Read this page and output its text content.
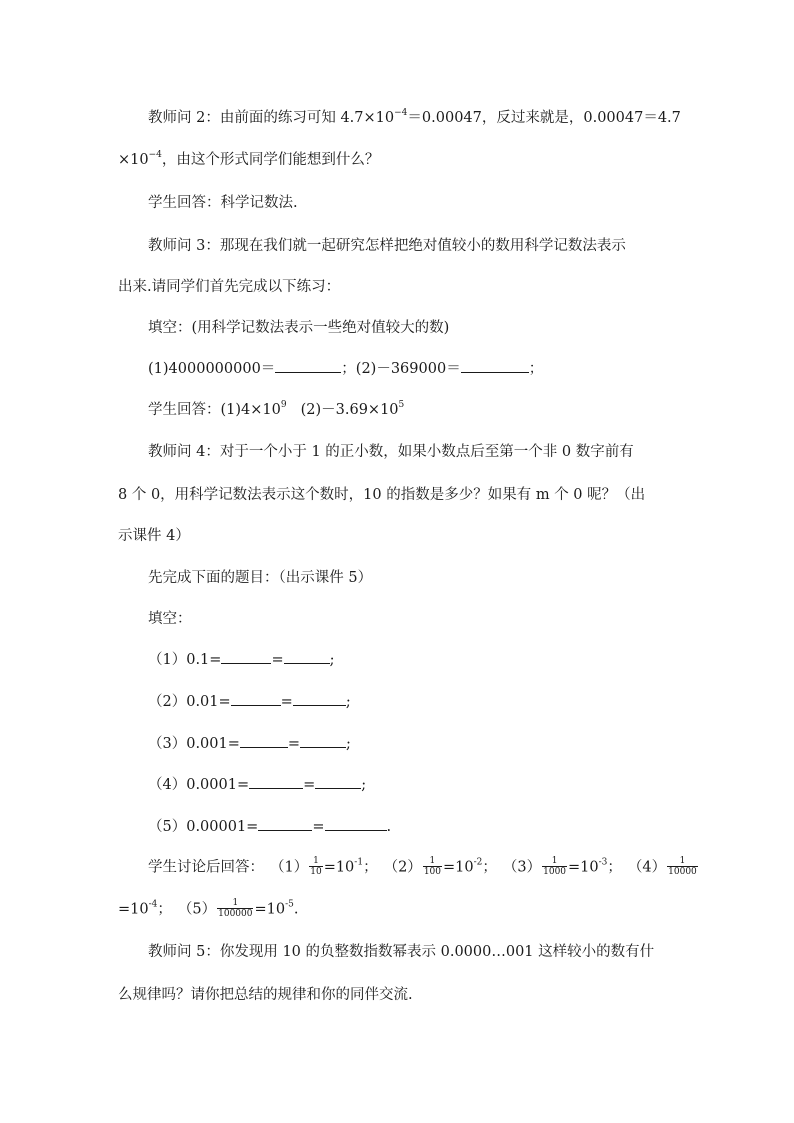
教师问 2：由前面的练习可知 $4.7\times 10^{-4}=0.00047$，反过来就是，0.00047＝4.7
$\times 10^{-4}$，由这个形式同学们能想到什么？
学生回答：科学记数法.
教师问 3：那现在我们就一起研究怎样把绝对值较小的数用科学记数法表示
出来.请同学们首先完成以下练习：
填空：(用科学记数法表示一些绝对值较大的数)
(1)4000000000＝	；(2)－369000＝	；
学生回答：$(1)4\times 10^9$ $(2)-3.69\times 10^5$
教师问 4：对于一个小于 1 的正小数，如果小数点后至第一个非 0 数字前有
8 个 0，用科学记数法表示这个数时，10 的指数是多少？如果有 m 个 0 呢？（出
示课件 4）
先完成下面的题目：（出示课件 5）
填空：
（1）0.1=	=	;
（2）0.01=	=	;
（3）0.001=	=	;
（4）0.0001=	=	;
（5）0.00001=	=	.
学生讨论后回答： $(1) \frac{1}{10} =10^{-1}$； $(2) \frac{1}{100} =10^{-2}$； $(3) \frac{1}{1000} =10^{-3}$； $(4) \frac{1}{10000}$
$=10^{-4}$； $(5) \frac{1}{100000} =10^{-5}$.
教师问 5：你发现用 10 的负整数指数幂表示 0.0000…001 这样较小的数有什
么规律吗？请你把总结的规律和你的同伴交流.
